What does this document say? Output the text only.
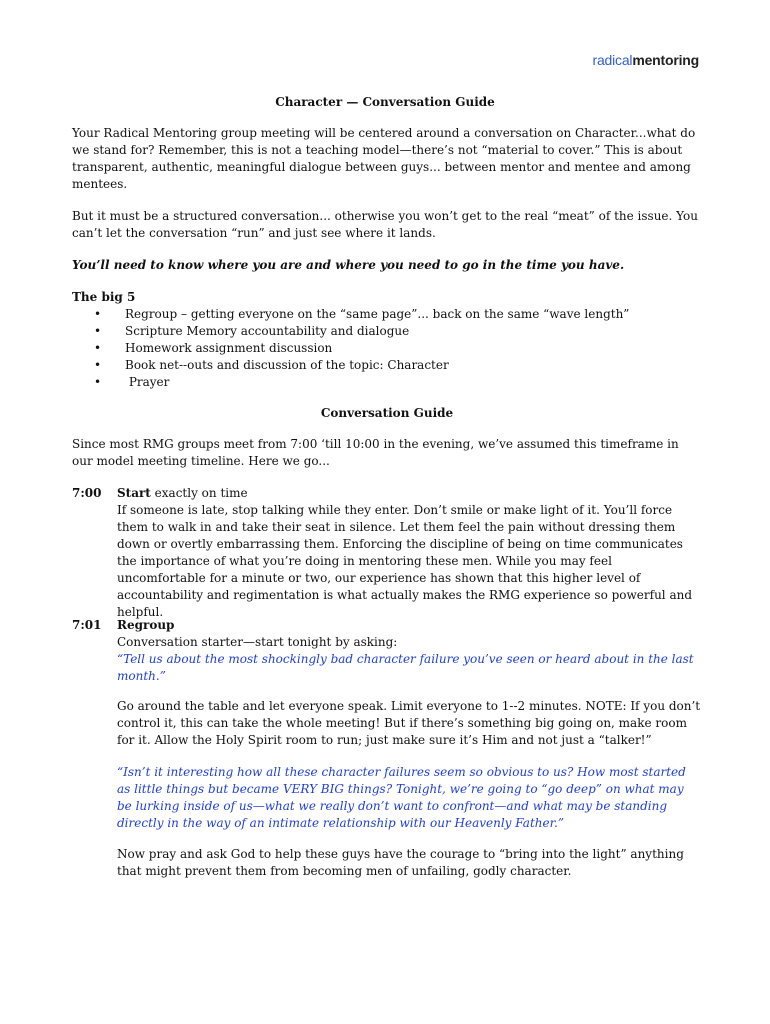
radicalmentoring
Character — Conversation Guide

Your Radical Mentoring group meeting will be centered around a conversation on Character...what do we stand for? Remember, this is not a teaching model—there’s not “material to cover.” This is about transparent, authentic, meaningful dialogue between guys... between mentor and mentee and among mentees.

But it must be a structured conversation... otherwise you won’t get to the real “meat” of the issue. You can’t let the conversation “run” and just see where it lands.

You’ll need to know where you are and where you need to go in the time you have.

The big 5
• Regroup – getting everyone on the “same page”... back on the same “wave length”
• Scripture Memory accountability and dialogue
• Homework assignment discussion
• Book net--outs and discussion of the topic: Character
• Prayer
Conversation Guide

Since most RMG groups meet from 7:00 ‘till 10:00 in the evening, we’ve assumed this timeframe in our model meeting timeline. Here we go...

7:00 Start exactly on time

If someone is late, stop talking while they enter. Don’t smile or make light of it. You’ll force them to walk in and take their seat in silence. Let them feel the pain without dressing them down or overtly embarrassing them. Enforcing the discipline of being on time communicates the importance of what you’re doing in mentoring these men. While you may feel uncomfortable for a minute or two, our experience has shown that this higher level of accountability and regimentation is what actually makes the RMG experience so powerful and helpful.

7:01 Regroup
Conversation starter—start tonight by asking:

“Tell us about the most shockingly bad character failure you’ve seen or heard about in the last month.”

Go around the table and let everyone speak. Limit everyone to 1--2 minutes. NOTE: If you don’t control it, this can take the whole meeting! But if there’s something big going on, make room for it. Allow the Holy Spirit room to run; just make sure it’s Him and not just a “talker!”

“Isn’t it interesting how all these character failures seem so obvious to us? How most started as little things but became VERY BIG things? Tonight, we’re going to “go deep” on what may be lurking inside of us—what we really don’t want to confront—and what may be standing directly in the way of an intimate relationship with our Heavenly Father.”

Now pray and ask God to help these guys have the courage to “bring into the light” anything that might prevent them from becoming men of unfailing, godly character.
